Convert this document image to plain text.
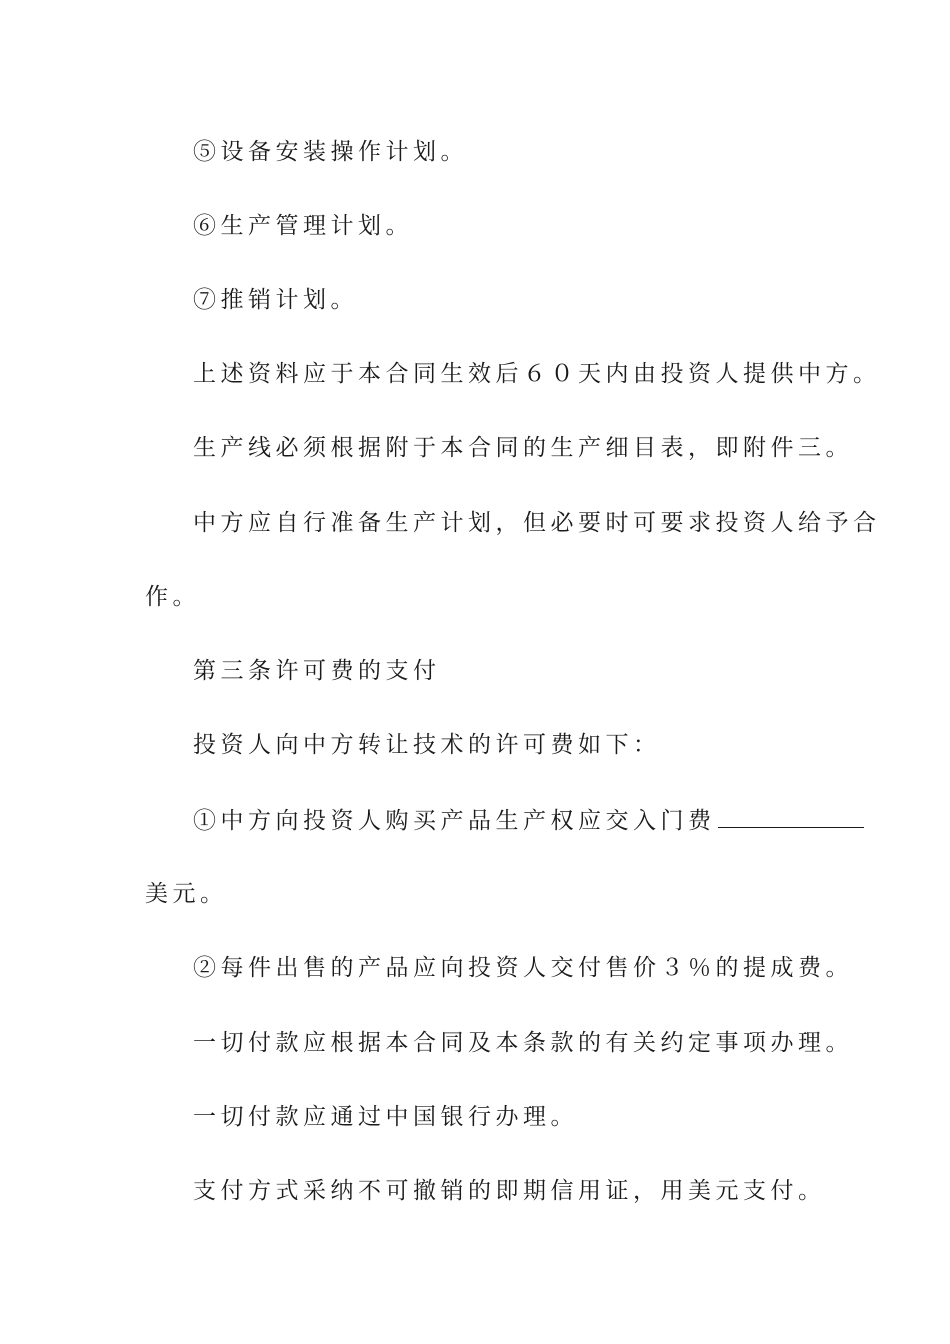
⑤设备安装操作计划。
⑥生产管理计划。
⑦推销计划。
上述资料应于本合同生效后６０天内由投资人提供中方。
生产线必须根据附于本合同的生产细目表，即附件三。
中方应自行准备生产计划，但必要时可要求投资人给予合
作。
第三条许可费的支付
投资人向中方转让技术的许可费如下：
①中方向投资人购买产品生产权应交入门费
美元。
②每件出售的产品应向投资人交付售价３％的提成费。
一切付款应根据本合同及本条款的有关约定事项办理。
一切付款应通过中国银行办理。
支付方式采纳不可撤销的即期信用证，用美元支付。
